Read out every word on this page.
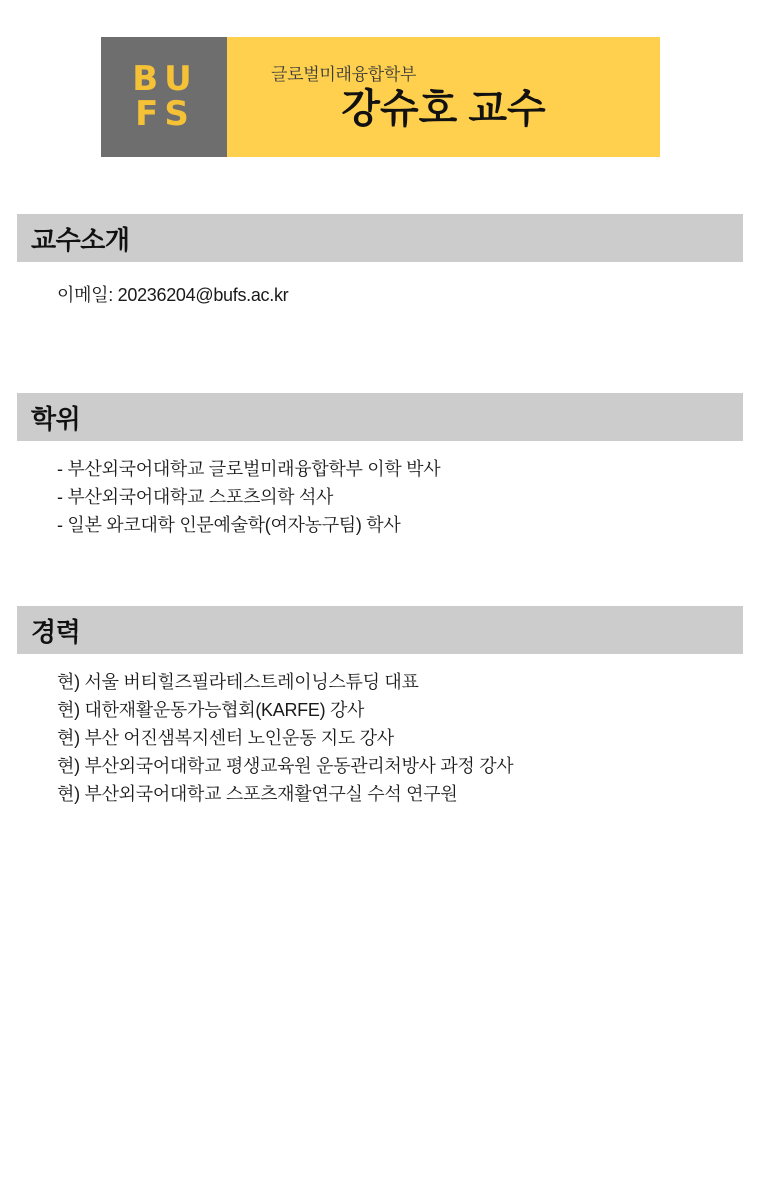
B U
F S
글로벌미래융합학부
강슈호 교수
교수소개
이메일: 20236204@bufs.ac.kr
학위
- 부산외국어대학교 글로벌미래융합학부 이학 박사
- 부산외국어대학교 스포츠의학 석사
- 일본 와코대학 인문예술학(여자농구팀) 학사
경력
현) 서울 버티힐즈필라테스트레이닝스튜딩 대표
현) 대한재활운동가능협회(KARFE) 강사
현) 부산 어진샘복지센터 노인운동 지도 강사
현) 부산외국어대학교 평생교육원 운동관리처방사 과정 강사
현) 부산외국어대학교 스포츠재활연구실 수석 연구원
